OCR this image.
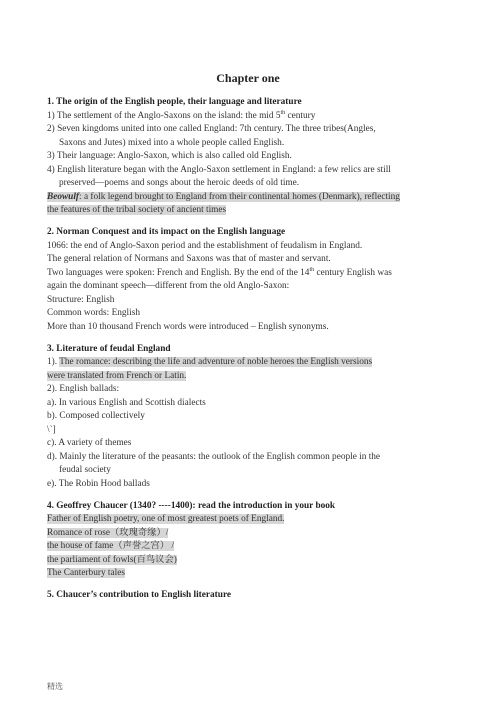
Chapter one
1. The origin of the English people, their language and literature
1) The settlement of the Anglo-Saxons on the island: the mid 5th century
2) Seven kingdoms united into one called England: 7th century. The three tribes(Angles,
Saxons and Jutes) mixed into a whole people called English.
3) Their language: Anglo-Saxon, which is also called old English.
4) English literature began with the Anglo-Saxon settlement in England: a few relics are still
preserved—poems and songs about the heroic deeds of old time.
Beowulf: a folk legend brought to England from their continental homes (Denmark), reflecting
the features of the tribal society of ancient times
2. Norman Conquest and its impact on the English language
1066: the end of Anglo-Saxon period and the establishment of feudalism in England.
The general relation of Normans and Saxons was that of master and servant.
Two languages were spoken: French and English. By the end of the 14th century English was
again the dominant speech—different from the old Anglo-Saxon:
Structure: English
Common words: English
More than 10 thousand French words were introduced – English synonyms.
3. Literature of feudal England
1). The romance: describing the life and adventure of noble heroes the English versions
were translated from French or Latin.
2). English ballads:
a). In various English and Scottish dialects
b). Composed collectively
\`]
c). A variety of themes
d). Mainly the literature of the peasants: the outlook of the English common people in the
feudal society
e). The Robin Hood ballads
4. Geoffrey Chaucer (1340? ----1400): read the introduction in your book
Father of English poetry, one of most greatest poets of England.
Romance of rose（玫瑰奇缘）/
the house of fame（声誉之宫） /
the parliament of fowls(百鸟议会)
The Canterbury tales
5. Chaucer’s contribution to English literature
精选
